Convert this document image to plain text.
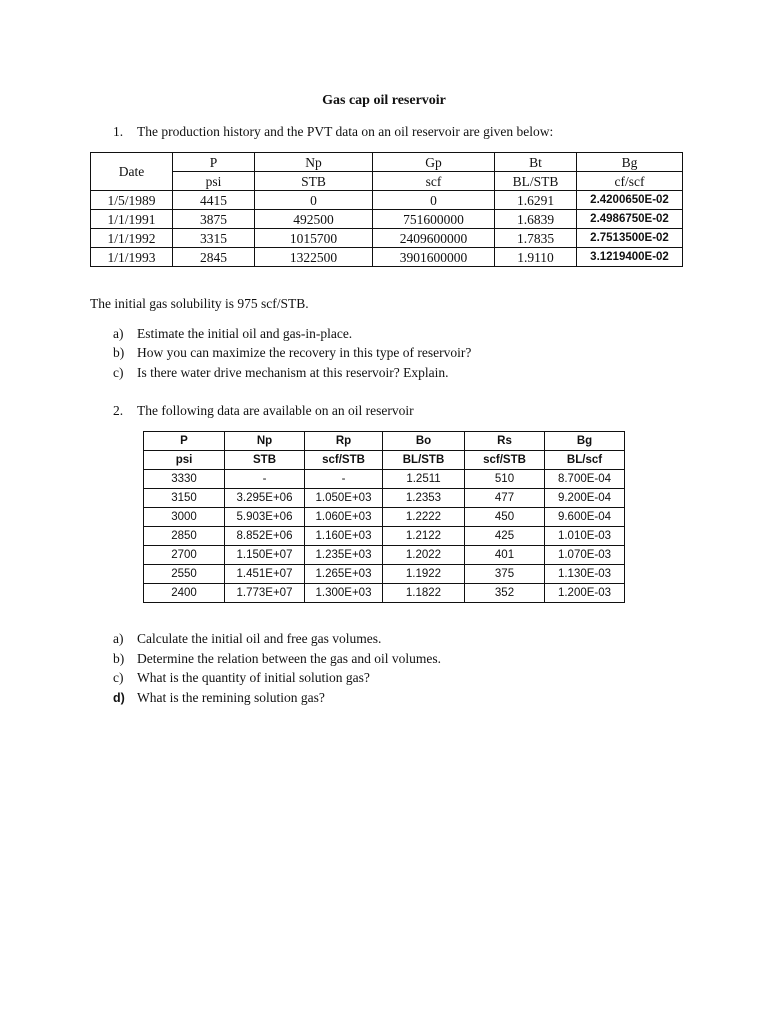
Gas cap oil reservoir
1. The production history and the PVT data on an oil reservoir are given below:
Date	P	Np	Gp	Bt	Bg
	psi	STB	scf	BL/STB	cf/scf
1/5/1989	4415	0	0	1.6291	2.4200650E-02
1/1/1991	3875	492500	751600000	1.6839	2.4986750E-02
1/1/1992	3315	1015700	2409600000	1.7835	2.7513500E-02
1/1/1993	2845	1322500	3901600000	1.9110	3.1219400E-02
The initial gas solubility is 975 scf/STB.
a) Estimate the initial oil and gas-in-place.
b) How you can maximize the recovery in this type of reservoir?
c) Is there water drive mechanism at this reservoir? Explain.
2. The following data are available on an oil reservoir
P	Np	Rp	Bo	Rs	Bg
psi	STB	scf/STB	BL/STB	scf/STB	BL/scf
3330	-	-	1.2511	510	8.700E-04
3150	3.295E+06	1.050E+03	1.2353	477	9.200E-04
3000	5.903E+06	1.060E+03	1.2222	450	9.600E-04
2850	8.852E+06	1.160E+03	1.2122	425	1.010E-03
2700	1.150E+07	1.235E+03	1.2022	401	1.070E-03
2550	1.451E+07	1.265E+03	1.1922	375	1.130E-03
2400	1.773E+07	1.300E+03	1.1822	352	1.200E-03
a) Calculate the initial oil and free gas volumes.
b) Determine the relation between the gas and oil volumes.
c) What is the quantity of initial solution gas?
d) What is the remining solution gas?
